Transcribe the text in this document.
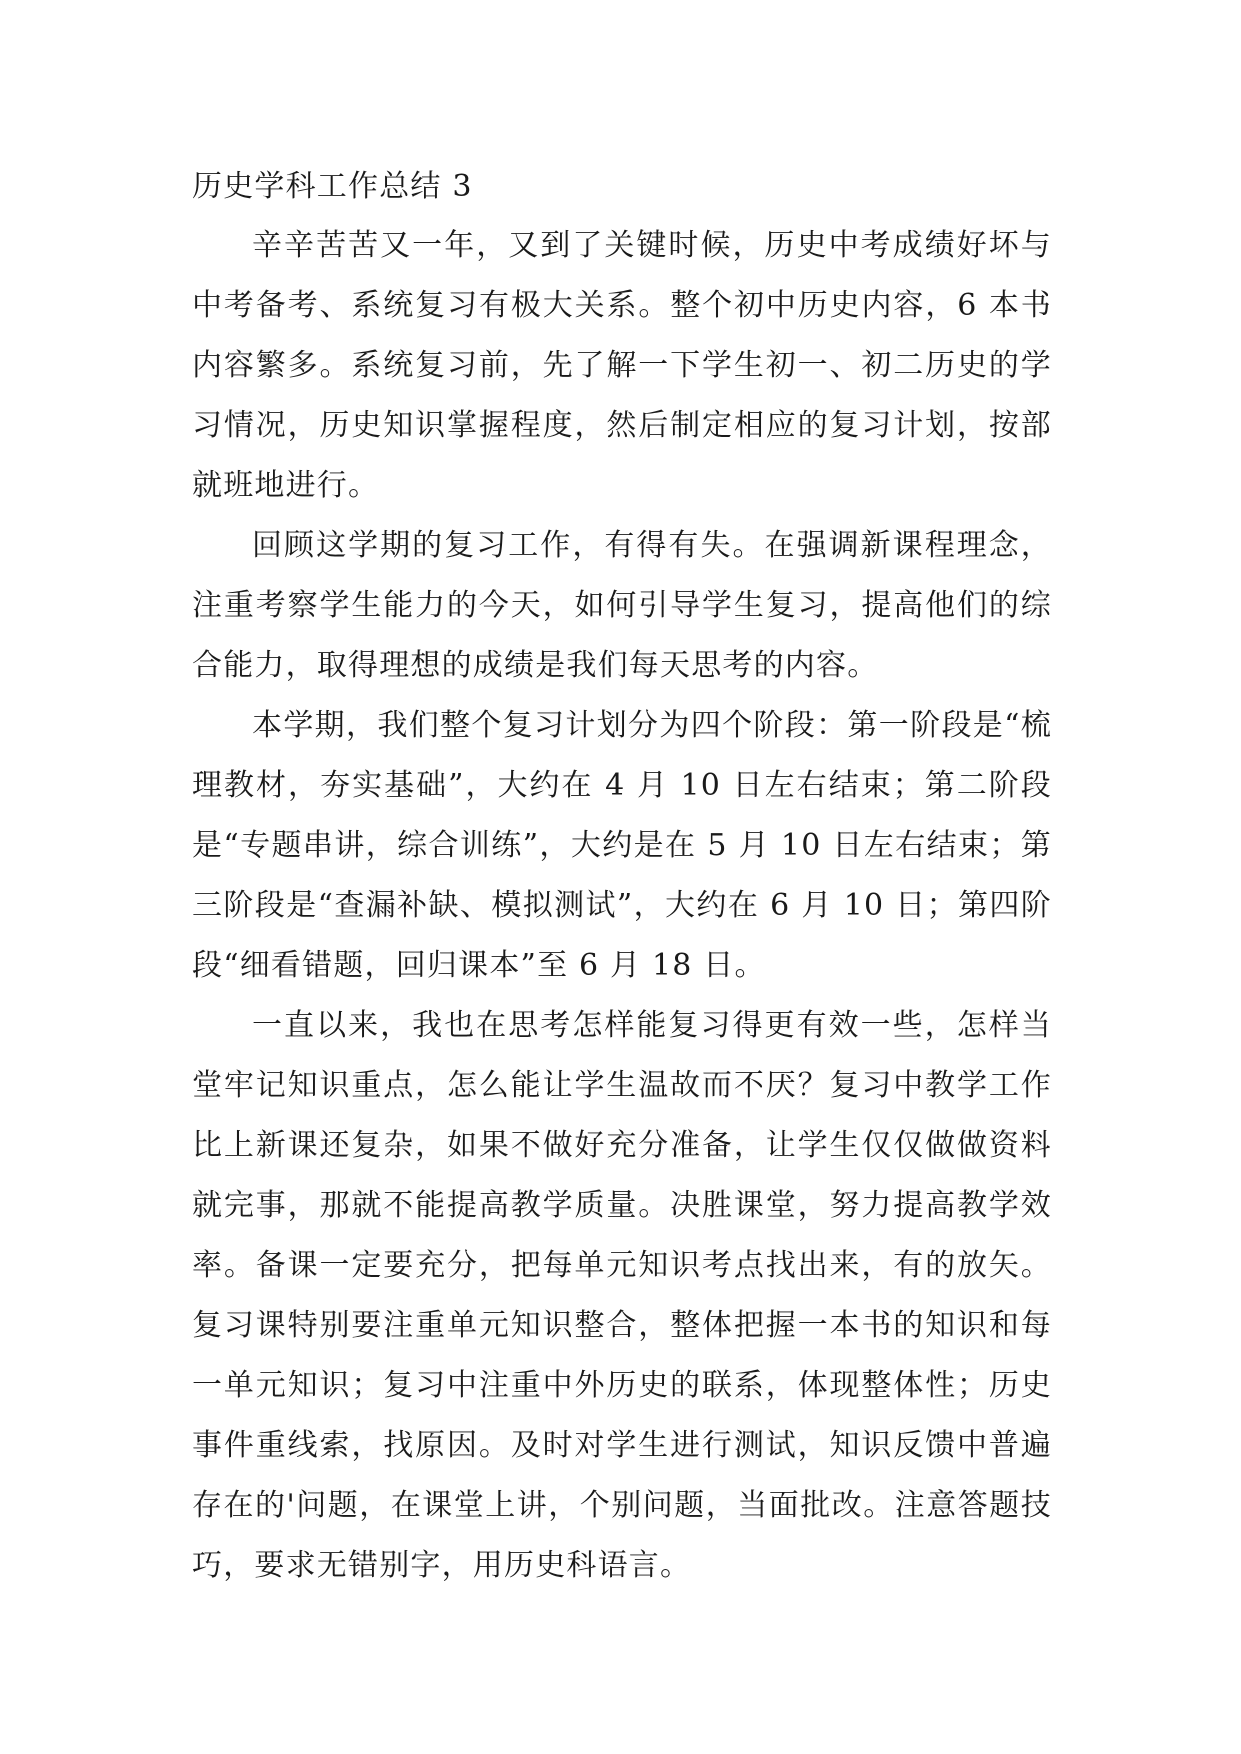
历史学科工作总结 3

辛辛苦苦又一年，又到了关键时候，历史中考成绩好坏与中考备考、系统复习有极大关系。整个初中历史内容，6 本书内容繁多。系统复习前，先了解一下学生初一、初二历史的学习情况，历史知识掌握程度，然后制定相应的复习计划，按部就班地进行。

回顾这学期的复习工作，有得有失。在强调新课程理念，注重考察学生能力的今天，如何引导学生复习，提高他们的综合能力，取得理想的成绩是我们每天思考的内容。

本学期，我们整个复习计划分为四个阶段：第一阶段是“梳理教材，夯实基础”，大约在 4 月 10 日左右结束；第二阶段是“专题串讲，综合训练”，大约是在 5 月 10 日左右结束；第三阶段是“查漏补缺、模拟测试”，大约在 6 月 10 日；第四阶段“细看错题，回归课本”至 6 月 18 日。

一直以来，我也在思考怎样能复习得更有效一些，怎样当堂牢记知识重点，怎么能让学生温故而不厌？复习中教学工作比上新课还复杂，如果不做好充分准备，让学生仅仅做做资料就完事，那就不能提高教学质量。决胜课堂，努力提高教学效率。备课一定要充分，把每单元知识考点找出来，有的放矢。复习课特别要注重单元知识整合，整体把握一本书的知识和每一单元知识；复习中注重中外历史的联系，体现整体性；历史事件重线索，找原因。及时对学生进行测试，知识反馈中普遍存在的'问题，在课堂上讲，个别问题，当面批改。注意答题技巧，要求无错别字，用历史科语言。
